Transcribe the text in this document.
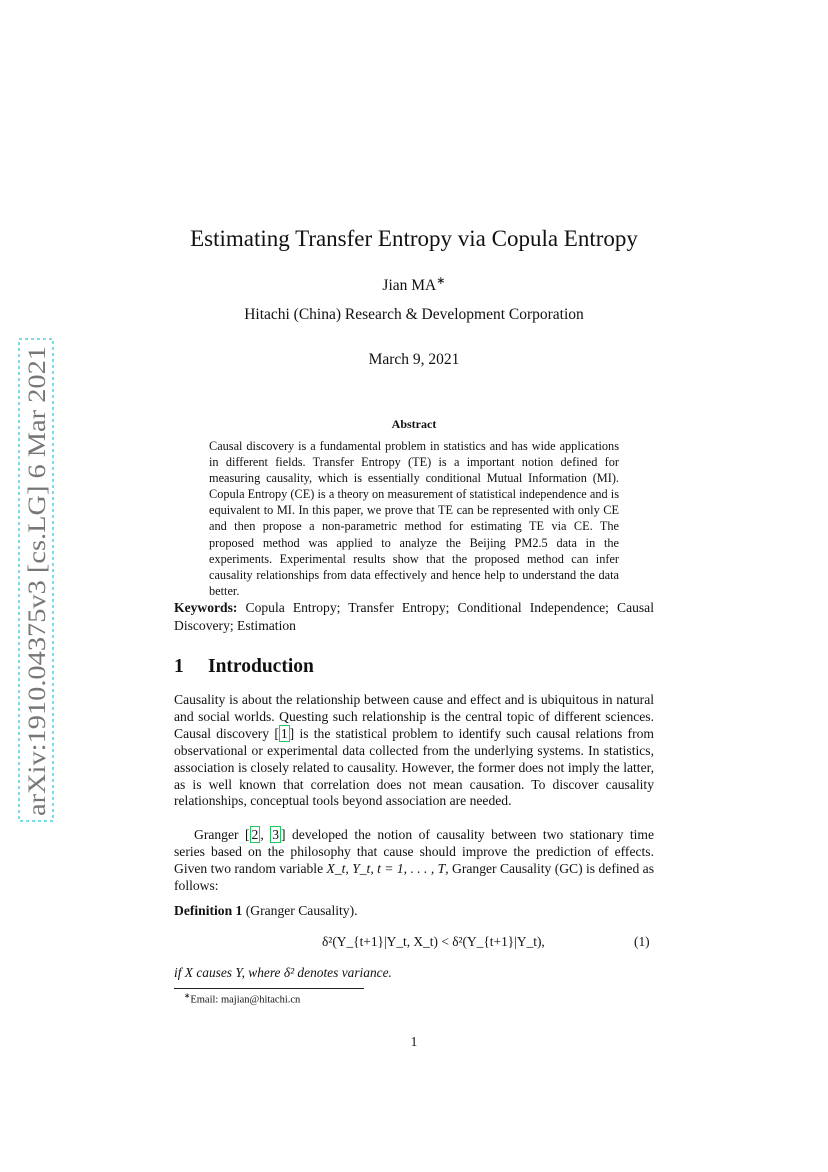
arXiv:1910.04375v3 [cs.LG] 6 Mar 2021
Estimating Transfer Entropy via Copula Entropy
Jian MA∗
Hitachi (China) Research & Development Corporation
March 9, 2021
Abstract
Causal discovery is a fundamental problem in statistics and has wide applications in different fields. Transfer Entropy (TE) is a important notion defined for measuring causality, which is essentially conditional Mutual Information (MI). Copula Entropy (CE) is a theory on measurement of statistical independence and is equivalent to MI. In this paper, we prove that TE can be represented with only CE and then propose a non-parametric method for estimating TE via CE. The proposed method was applied to analyze the Beijing PM2.5 data in the experiments. Experimental results show that the proposed method can infer causality relationships from data effectively and hence help to understand the data better.
Keywords: Copula Entropy; Transfer Entropy; Conditional Independence; Causal Discovery; Estimation
1 Introduction
Causality is about the relationship between cause and effect and is ubiquitous in natural and social worlds. Questing such relationship is the central topic of different sciences. Causal discovery [ 1 ] is the statistical problem to identify such causal relations from observational or experimental data collected from the underlying systems. In statistics, association is closely related to causality. However, the former does not imply the latter, as is well known that correlation does not mean causation. To discover causality relationships, conceptual tools beyond association are needed.
Granger [ 2 , 3 ] developed the notion of causality between two stationary time series based on the philosophy that cause should improve the prediction of effects. Given two random variable X_t, Y_t, t = 1, . . . , T, Granger Causality (GC) is defined as follows:
Definition 1 (Granger Causality).
δ²(Y_{t+1}|Y_t, X_t) < δ²(Y_{t+1}|Y_t),	(1)
if X causes Y, where δ² denotes variance.
∗Email: majian@hitachi.cn
1
